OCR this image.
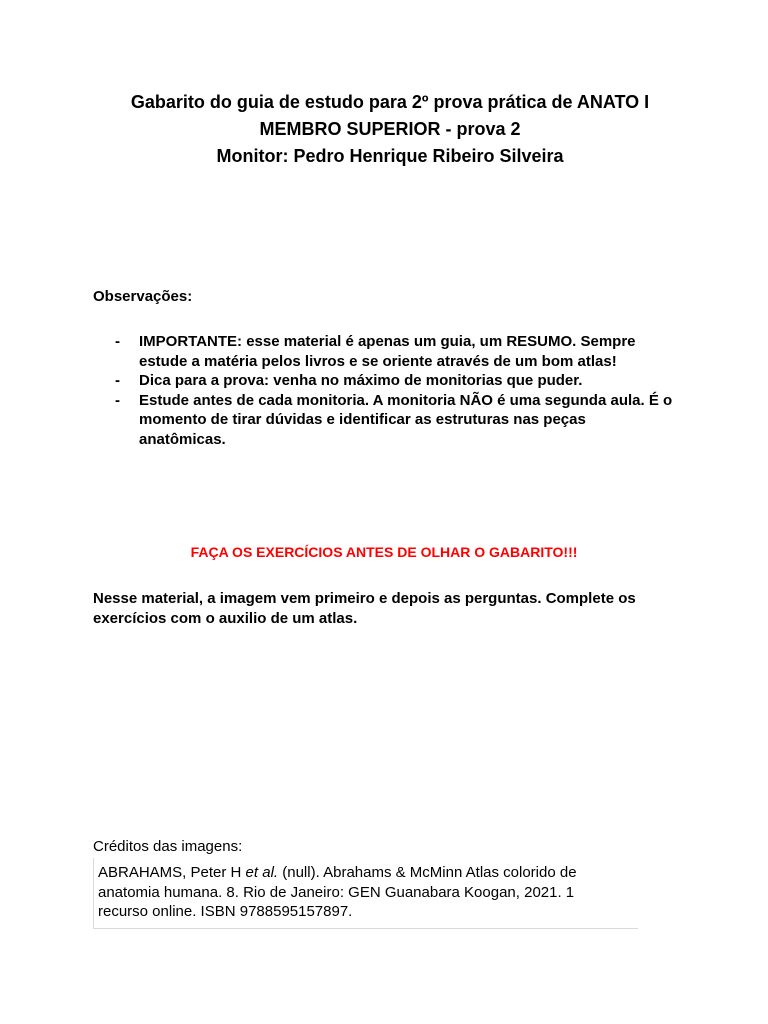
Gabarito do guia de estudo para 2º prova prática de ANATO I
MEMBRO SUPERIOR - prova 2
Monitor: Pedro Henrique Ribeiro Silveira
Observações:
- IMPORTANTE: esse material é apenas um guia, um RESUMO. Sempre estude a matéria pelos livros e se oriente através de um bom atlas!
- Dica para a prova: venha no máximo de monitorias que puder.
- Estude antes de cada monitoria. A monitoria NÃO é uma segunda aula. É o momento de tirar dúvidas e identificar as estruturas nas peças anatômicas.
FAÇA OS EXERCÍCIOS ANTES DE OLHAR O GABARITO!!!
Nesse material, a imagem vem primeiro e depois as perguntas. Complete os exercícios com o auxilio de um atlas.
Créditos das imagens:
ABRAHAMS, Peter H et al. (null). Abrahams & McMinn Atlas colorido de
anatomia humana. 8. Rio de Janeiro: GEN Guanabara Koogan, 2021. 1
recurso online. ISBN 9788595157897.
